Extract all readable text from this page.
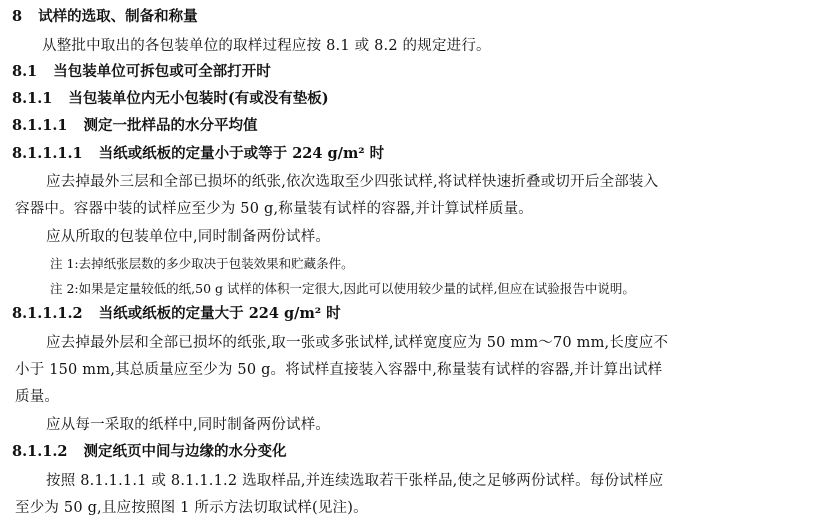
8 试样的选取、制备和称量
从整批中取出的各包装单位的取样过程应按 8.1 或 8.2 的规定进行。
8.1 当包装单位可拆包或可全部打开时
8.1.1 当包装单位内无小包装时(有或没有垫板)
8.1.1.1 测定一批样品的水分平均值
8.1.1.1.1 当纸或纸板的定量小于或等于 224 g/m² 时
应去掉最外三层和全部已损坏的纸张,依次选取至少四张试样,将试样快速折叠或切开后全部装入
容器中。容器中装的试样应至少为 50 g,称量装有试样的容器,并计算试样质量。
应从所取的包装单位中,同时制备两份试样。
注 1:去掉纸张层数的多少取决于包装效果和贮藏条件。
注 2:如果是定量较低的纸,50 g 试样的体积一定很大,因此可以使用较少量的试样,但应在试验报告中说明。
8.1.1.1.2 当纸或纸板的定量大于 224 g/m² 时
应去掉最外层和全部已损坏的纸张,取一张或多张试样,试样宽度应为 50 mm～70 mm,长度应不
小于 150 mm,其总质量应至少为 50 g。将试样直接装入容器中,称量装有试样的容器,并计算出试样
质量。
应从每一采取的纸样中,同时制备两份试样。
8.1.1.2 测定纸页中间与边缘的水分变化
按照 8.1.1.1.1 或 8.1.1.1.2 选取样品,并连续选取若干张样品,使之足够两份试样。每份试样应
至少为 50 g,且应按照图 1 所示方法切取试样(见注)。
